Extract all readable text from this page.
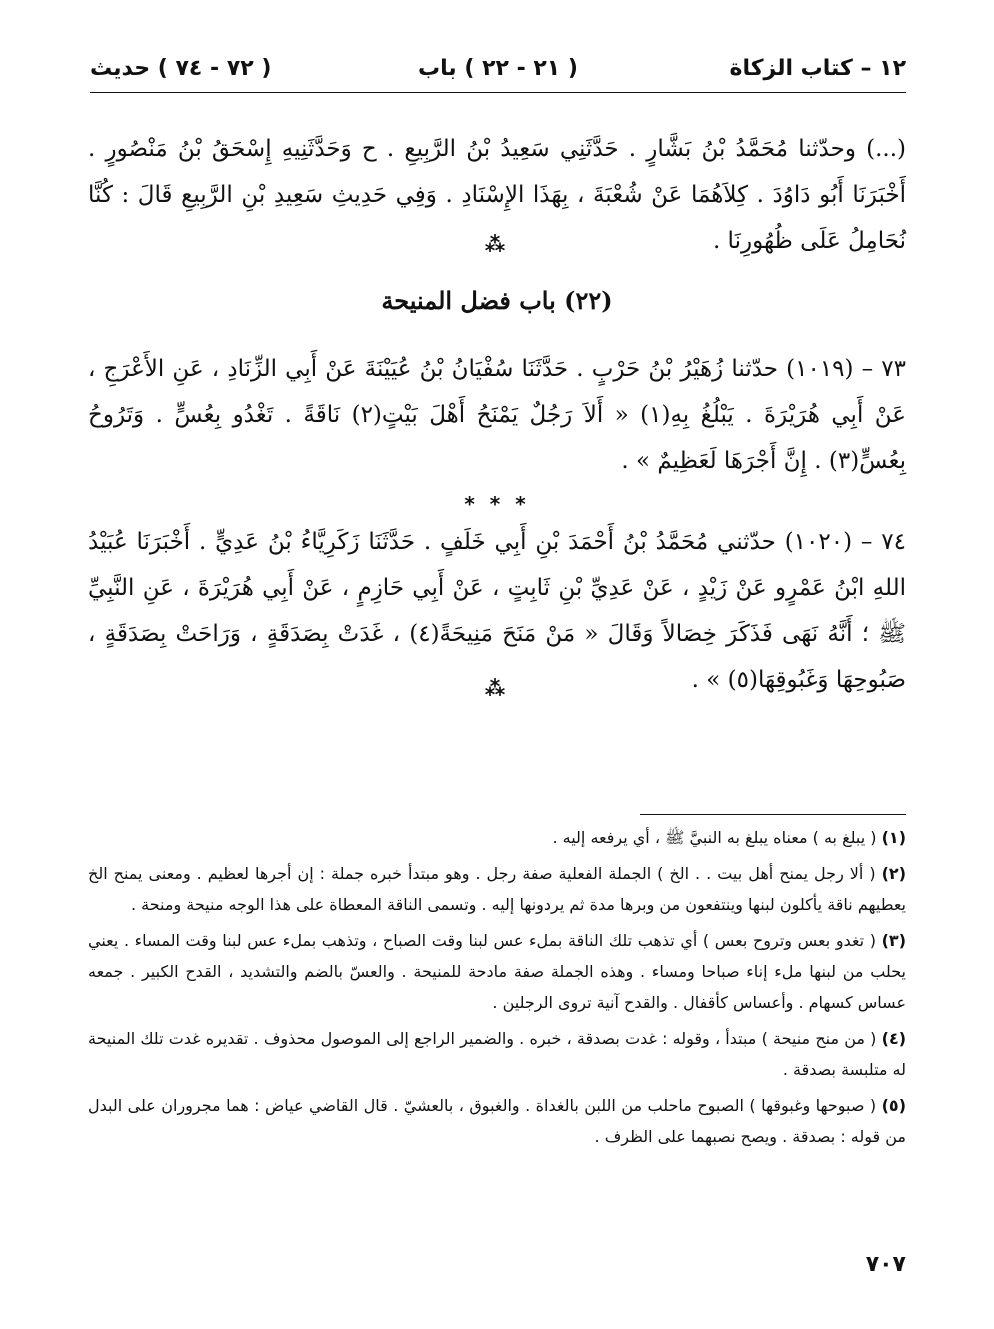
١٢ – كتاب الزكاة
( ٢١ - ٢٢ ) باب
( ٧٢ - ٧٤ ) حديث
(...) وحدّثنا مُحَمَّدُ بْنُ بَشَّارٍ . حَدَّثَنِي سَعِيدُ بْنُ الرَّبِيعِ . ح وَحَدَّثَنِيهِ إِسْحَقُ بْنُ مَنْصُورٍ . أَخْبَرَنَا أَبُو دَاوُدَ . كِلاَهُمَا عَنْ شُعْبَةَ ، بِهَذَا الإِسْنَادِ . وَفِي حَدِيثِ سَعِيدِ بْنِ الرَّبِيعِ قَالَ : كُنَّا نُحَامِلُ عَلَى ظُهُورِنَا .
⁂
(٢٢) باب فضل المنيحة
٧٣ – (١٠١٩) حدّثنا زُهَيْرُ بْنُ حَرْبٍ . حَدَّثَنَا سُفْيَانُ بْنُ عُيَيْنَةَ عَنْ أَبِي الزِّنَادِ ، عَنِ الأَعْرَجِ ، عَنْ أَبِي هُرَيْرَةَ . يَبْلُغُ بِهِ(١) « أَلاَ رَجُلٌ يَمْنَحُ أَهْلَ بَيْتٍ(٢) نَاقَةً . تَغْدُو بِعُسٍّ . وَتَرُوحُ بِعُسٍّ(٣) . إِنَّ أَجْرَهَا لَعَظِيمٌ » .
* * *
٧٤ – (١٠٢٠) حدّثني مُحَمَّدُ بْنُ أَحْمَدَ بْنِ أَبِي خَلَفٍ . حَدَّثَنَا زَكَرِيَّاءُ بْنُ عَدِيٍّ . أَخْبَرَنَا عُبَيْدُ اللهِ ابْنُ عَمْرٍو عَنْ زَيْدٍ ، عَنْ عَدِيِّ بْنِ ثَابِتٍ ، عَنْ أَبِي حَازِمٍ ، عَنْ أَبِي هُرَيْرَةَ ، عَنِ النَّبِيِّ ﷺ ؛ أَنَّهُ نَهَى فَذَكَرَ خِصَالاً وَقَالَ « مَنْ مَنَحَ مَنِيحَةً(٤) ، غَدَتْ بِصَدَقَةٍ ، وَرَاحَتْ بِصَدَقَةٍ ، صَبُوحِهَا وَغَبُوقِهَا(٥) » .
⁂

(١) ( يبلغ به ) معناه يبلغ به النبيَّ ﷺ ، أي يرفعه إليه .

(٢) ( ألا رجل يمنح أهل بيت . . الخ ) الجملة الفعلية صفة رجل . وهو مبتدأ خبره جملة : إن أجرها لعظيم . ومعنى يمنح الخ يعطيهم ناقة يأكلون لبنها وينتفعون من وبرها مدة ثم يردونها إليه . وتسمى الناقة المعطاة على هذا الوجه منيحة ومنحة .

(٣) ( تغدو بعس وتروح بعس ) أي تذهب تلك الناقة بملء عس لبنا وقت الصباح ، وتذهب بملء عس لبنا وقت المساء . يعني يحلب من لبنها ملء إناء صباحا ومساء . وهذه الجملة صفة مادحة للمنيحة . والعسّ بالضم والتشديد ، القدح الكبير . جمعه عساس كسهام . وأعساس كأقفال . والقدح آنية تروى الرجلين .

(٤) ( من منح منيحة ) مبتدأ ، وقوله : غدت بصدقة ، خبره . والضمير الراجع إلى الموصول محذوف . تقديره غدت تلك المنيحة له متلبسة بصدقة .

(٥) ( صبوحها وغبوقها ) الصبوح ماحلب من اللبن بالغداة . والغبوق ، بالعشيّ . قال القاضي عياض : هما مجروران على البدل من قوله : بصدقة . ويصح نصبهما على الظرف .

٧٠٧
